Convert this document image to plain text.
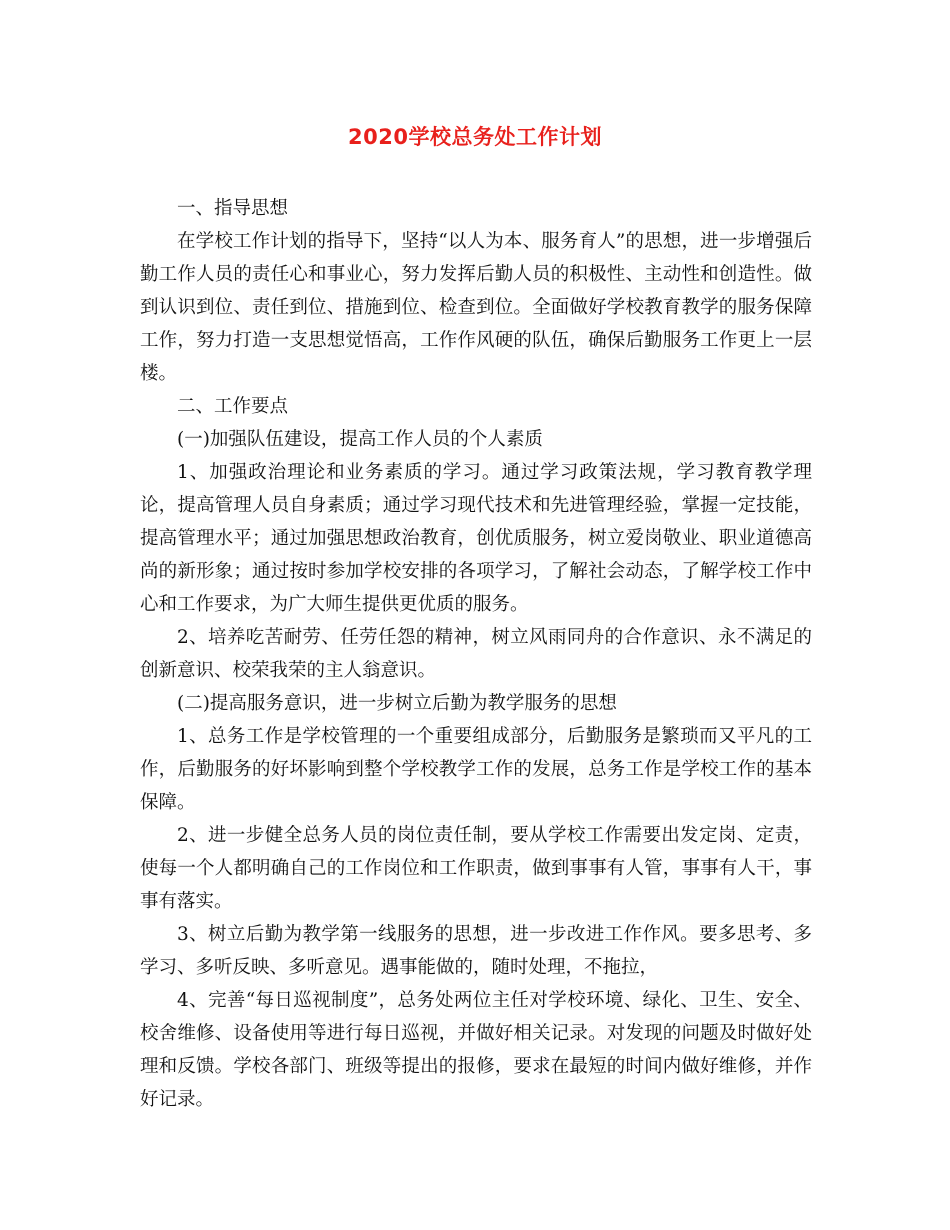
2020学校总务处工作计划

一、指导思想

在学校工作计划的指导下，坚持“以人为本、服务育人”的思想，进一步增强后勤工作人员的责任心和事业心，努力发挥后勤人员的积极性、主动性和创造性。做到认识到位、责任到位、措施到位、检查到位。全面做好学校教育教学的服务保障工作，努力打造一支思想觉悟高，工作作风硬的队伍，确保后勤服务工作更上一层楼。

二、工作要点

(一)加强队伍建设，提高工作人员的个人素质

1、加强政治理论和业务素质的学习。通过学习政策法规，学习教育教学理论，提高管理人员自身素质；通过学习现代技术和先进管理经验，掌握一定技能，提高管理水平；通过加强思想政治教育，创优质服务，树立爱岗敬业、职业道德高尚的新形象；通过按时参加学校安排的各项学习，了解社会动态，了解学校工作中心和工作要求，为广大师生提供更优质的服务。

2、培养吃苦耐劳、任劳任怨的精神，树立风雨同舟的合作意识、永不满足的创新意识、校荣我荣的主人翁意识。

(二)提高服务意识，进一步树立后勤为教学服务的思想

1、总务工作是学校管理的一个重要组成部分，后勤服务是繁琐而又平凡的工作，后勤服务的好坏影响到整个学校教学工作的发展，总务工作是学校工作的基本保障。

2、进一步健全总务人员的岗位责任制，要从学校工作需要出发定岗、定责，使每一个人都明确自己的工作岗位和工作职责，做到事事有人管，事事有人干，事事有落实。

3、树立后勤为教学第一线服务的思想，进一步改进工作作风。要多思考、多学习、多听反映、多听意见。遇事能做的，随时处理，不拖拉，

4、完善“每日巡视制度”，总务处两位主任对学校环境、绿化、卫生、安全、校舍维修、设备使用等进行每日巡视，并做好相关记录。对发现的问题及时做好处理和反馈。学校各部门、班级等提出的报修，要求在最短的时间内做好维修，并作好记录。
